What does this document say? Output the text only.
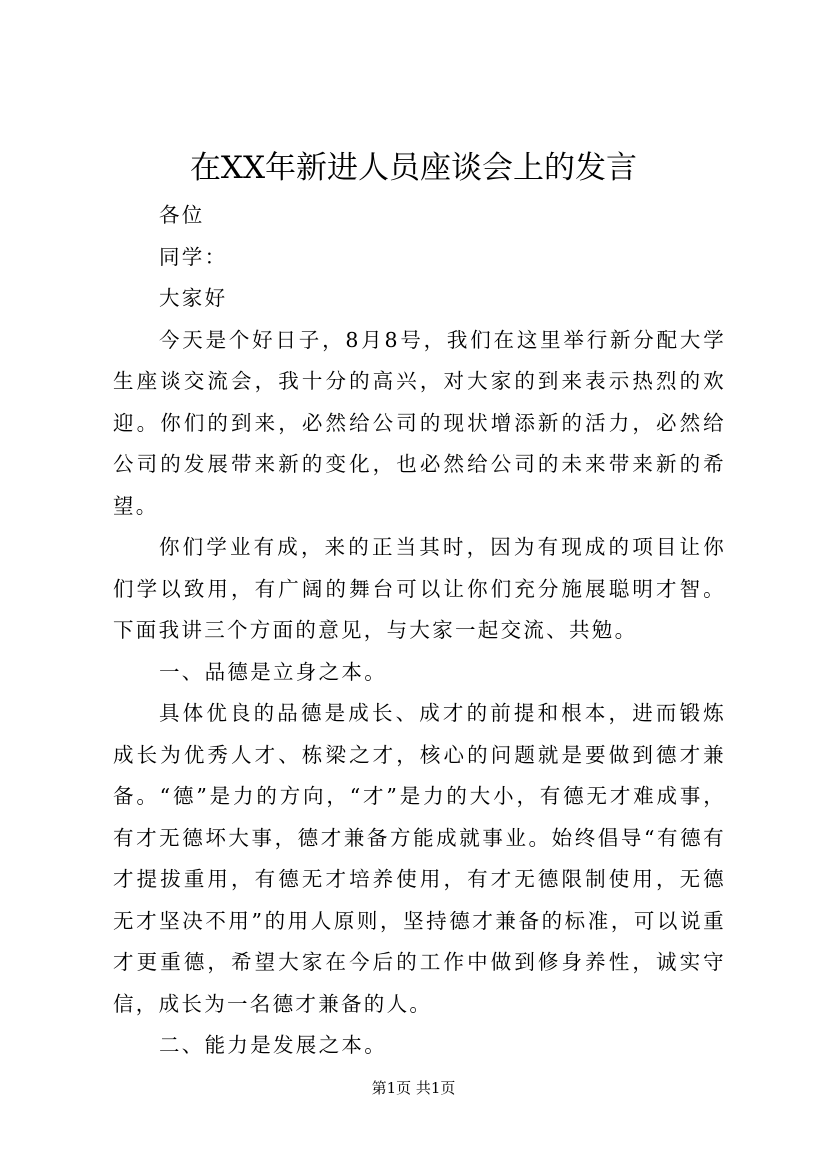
在XX年新进人员座谈会上的发言

各位

同学：

大家好

今天是个好日子，8月8号，我们在这里举行新分配大学生座谈交流会，我十分的高兴，对大家的到来表示热烈的欢迎。你们的到来，必然给公司的现状增添新的活力，必然给公司的发展带来新的变化，也必然给公司的未来带来新的希望。

你们学业有成，来的正当其时，因为有现成的项目让你们学以致用，有广阔的舞台可以让你们充分施展聪明才智。下面我讲三个方面的意见，与大家一起交流、共勉。

一、品德是立身之本。

具体优良的品德是成长、成才的前提和根本，进而锻炼成长为优秀人才、栋梁之才，核心的问题就是要做到德才兼备。“德”是力的方向，“才”是力的大小，有德无才难成事，有才无德坏大事，德才兼备方能成就事业。始终倡导“有德有才提拔重用，有德无才培养使用，有才无德限制使用，无德无才坚决不用”的用人原则，坚持德才兼备的标准，可以说重才更重德，希望大家在今后的工作中做到修身养性，诚实守信，成长为一名德才兼备的人。

二、能力是发展之本。

第1页 共1页
